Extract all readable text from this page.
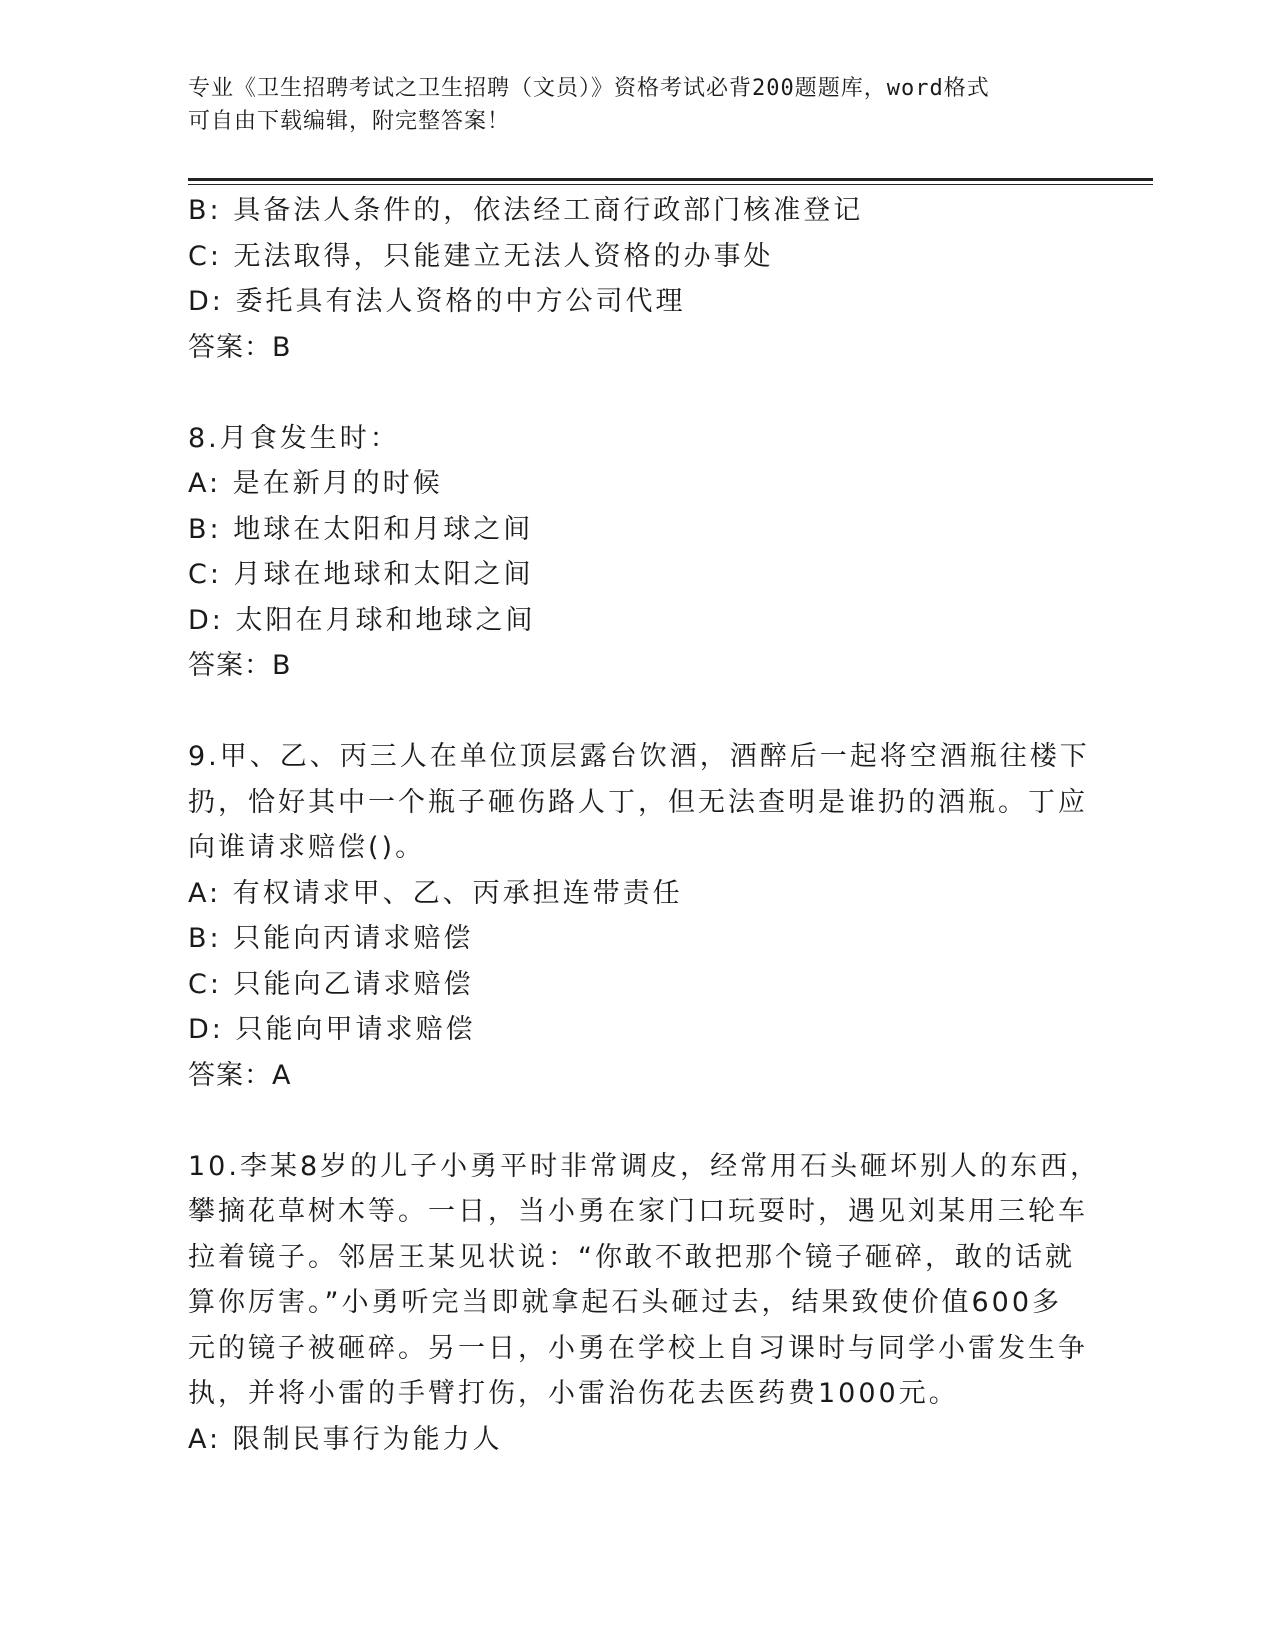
专业《卫生招聘考试之卫生招聘（文员）》资格考试必背200题题库，word格式
可自由下载编辑，附完整答案！
B: 具备法人条件的，依法经工商行政部门核准登记
C: 无法取得，只能建立无法人资格的办事处
D: 委托具有法人资格的中方公司代理
答案：B
8.月食发生时：
A: 是在新月的时候
B: 地球在太阳和月球之间
C: 月球在地球和太阳之间
D: 太阳在月球和地球之间
答案：B
9.甲、乙、丙三人在单位顶层露台饮酒，酒醉后一起将空酒瓶往楼下
扔，恰好其中一个瓶子砸伤路人丁，但无法查明是谁扔的酒瓶。丁应
向谁请求赔偿()。
A: 有权请求甲、乙、丙承担连带责任
B: 只能向丙请求赔偿
C: 只能向乙请求赔偿
D: 只能向甲请求赔偿
答案：A
10.李某8岁的儿子小勇平时非常调皮，经常用石头砸坏别人的东西，
攀摘花草树木等。一日，当小勇在家门口玩耍时，遇见刘某用三轮车
拉着镜子。邻居王某见状说：“你敢不敢把那个镜子砸碎，敢的话就
算你厉害。”小勇听完当即就拿起石头砸过去，结果致使价值600多
元的镜子被砸碎。另一日，小勇在学校上自习课时与同学小雷发生争
执，并将小雷的手臂打伤，小雷治伤花去医药费1000元。
A: 限制民事行为能力人
